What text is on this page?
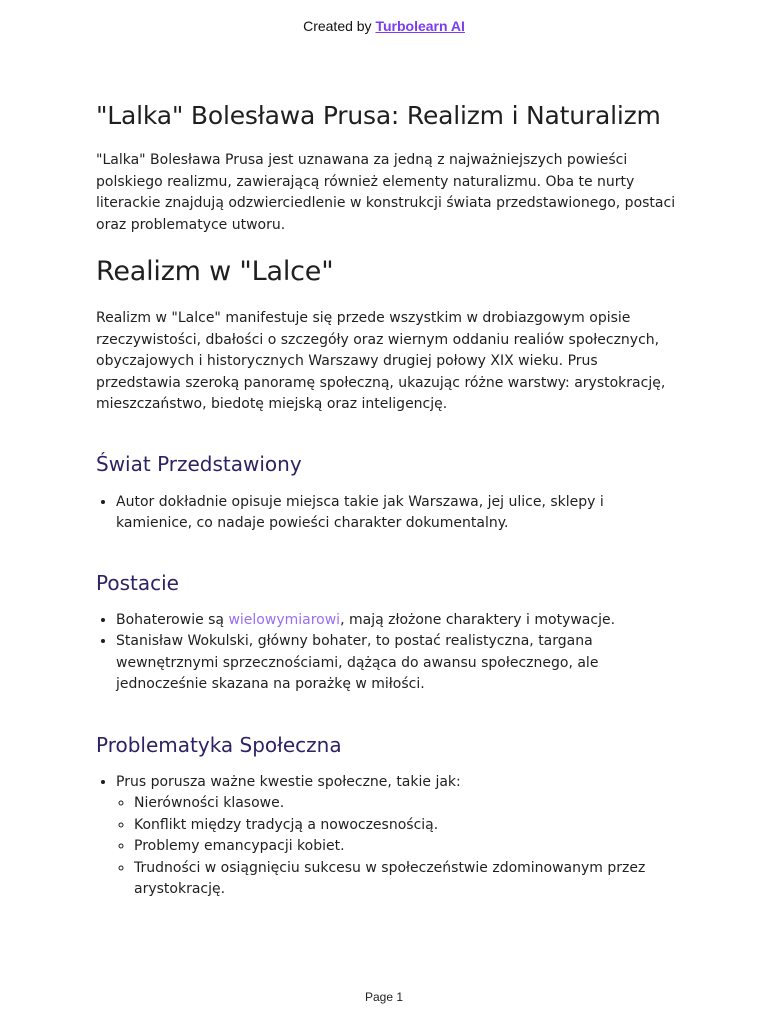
Created by Turbolearn AI
"Lalka" Bolesława Prusa: Realizm i Naturalizm

"Lalka" Bolesława Prusa jest uznawana za jedną z najważniejszych powieści polskiego realizmu, zawierającą również elementy naturalizmu. Oba te nurty literackie znajdują odzwierciedlenie w konstrukcji świata przedstawionego, postaci oraz problematyce utworu.

Realizm w "Lalce"

Realizm w "Lalce" manifestuje się przede wszystkim w drobiazgowym opisie rzeczywistości, dbałości o szczegóły oraz wiernym oddaniu realiów społecznych, obyczajowych i historycznych Warszawy drugiej połowy XIX wieku. Prus przedstawia szeroką panoramę społeczną, ukazując różne warstwy: arystokrację, mieszczaństwo, biedotę miejską oraz inteligencję.

Świat Przedstawiony
• Autor dokładnie opisuje miejsca takie jak Warszawa, jej ulice, sklepy i kamienice, co nadaje powieści charakter dokumentalny.
Postacie
• Bohaterowie są wielowymiarowi, mają złożone charaktery i motywacje.
• Stanisław Wokulski, główny bohater, to postać realistyczna, targana wewnętrznymi sprzecznościami, dążąca do awansu społecznego, ale jednocześnie skazana na porażkę w miłości.
Problematyka Społeczna
• Prus porusza ważne kwestie społeczne, takie jak:
◦ Nierówności klasowe.
◦ Konflikt między tradycją a nowoczesnością.
◦ Problemy emancypacji kobiet.
◦ Trudności w osiągnięciu sukcesu w społeczeństwie zdominowanym przez arystokrację.
Page 1
